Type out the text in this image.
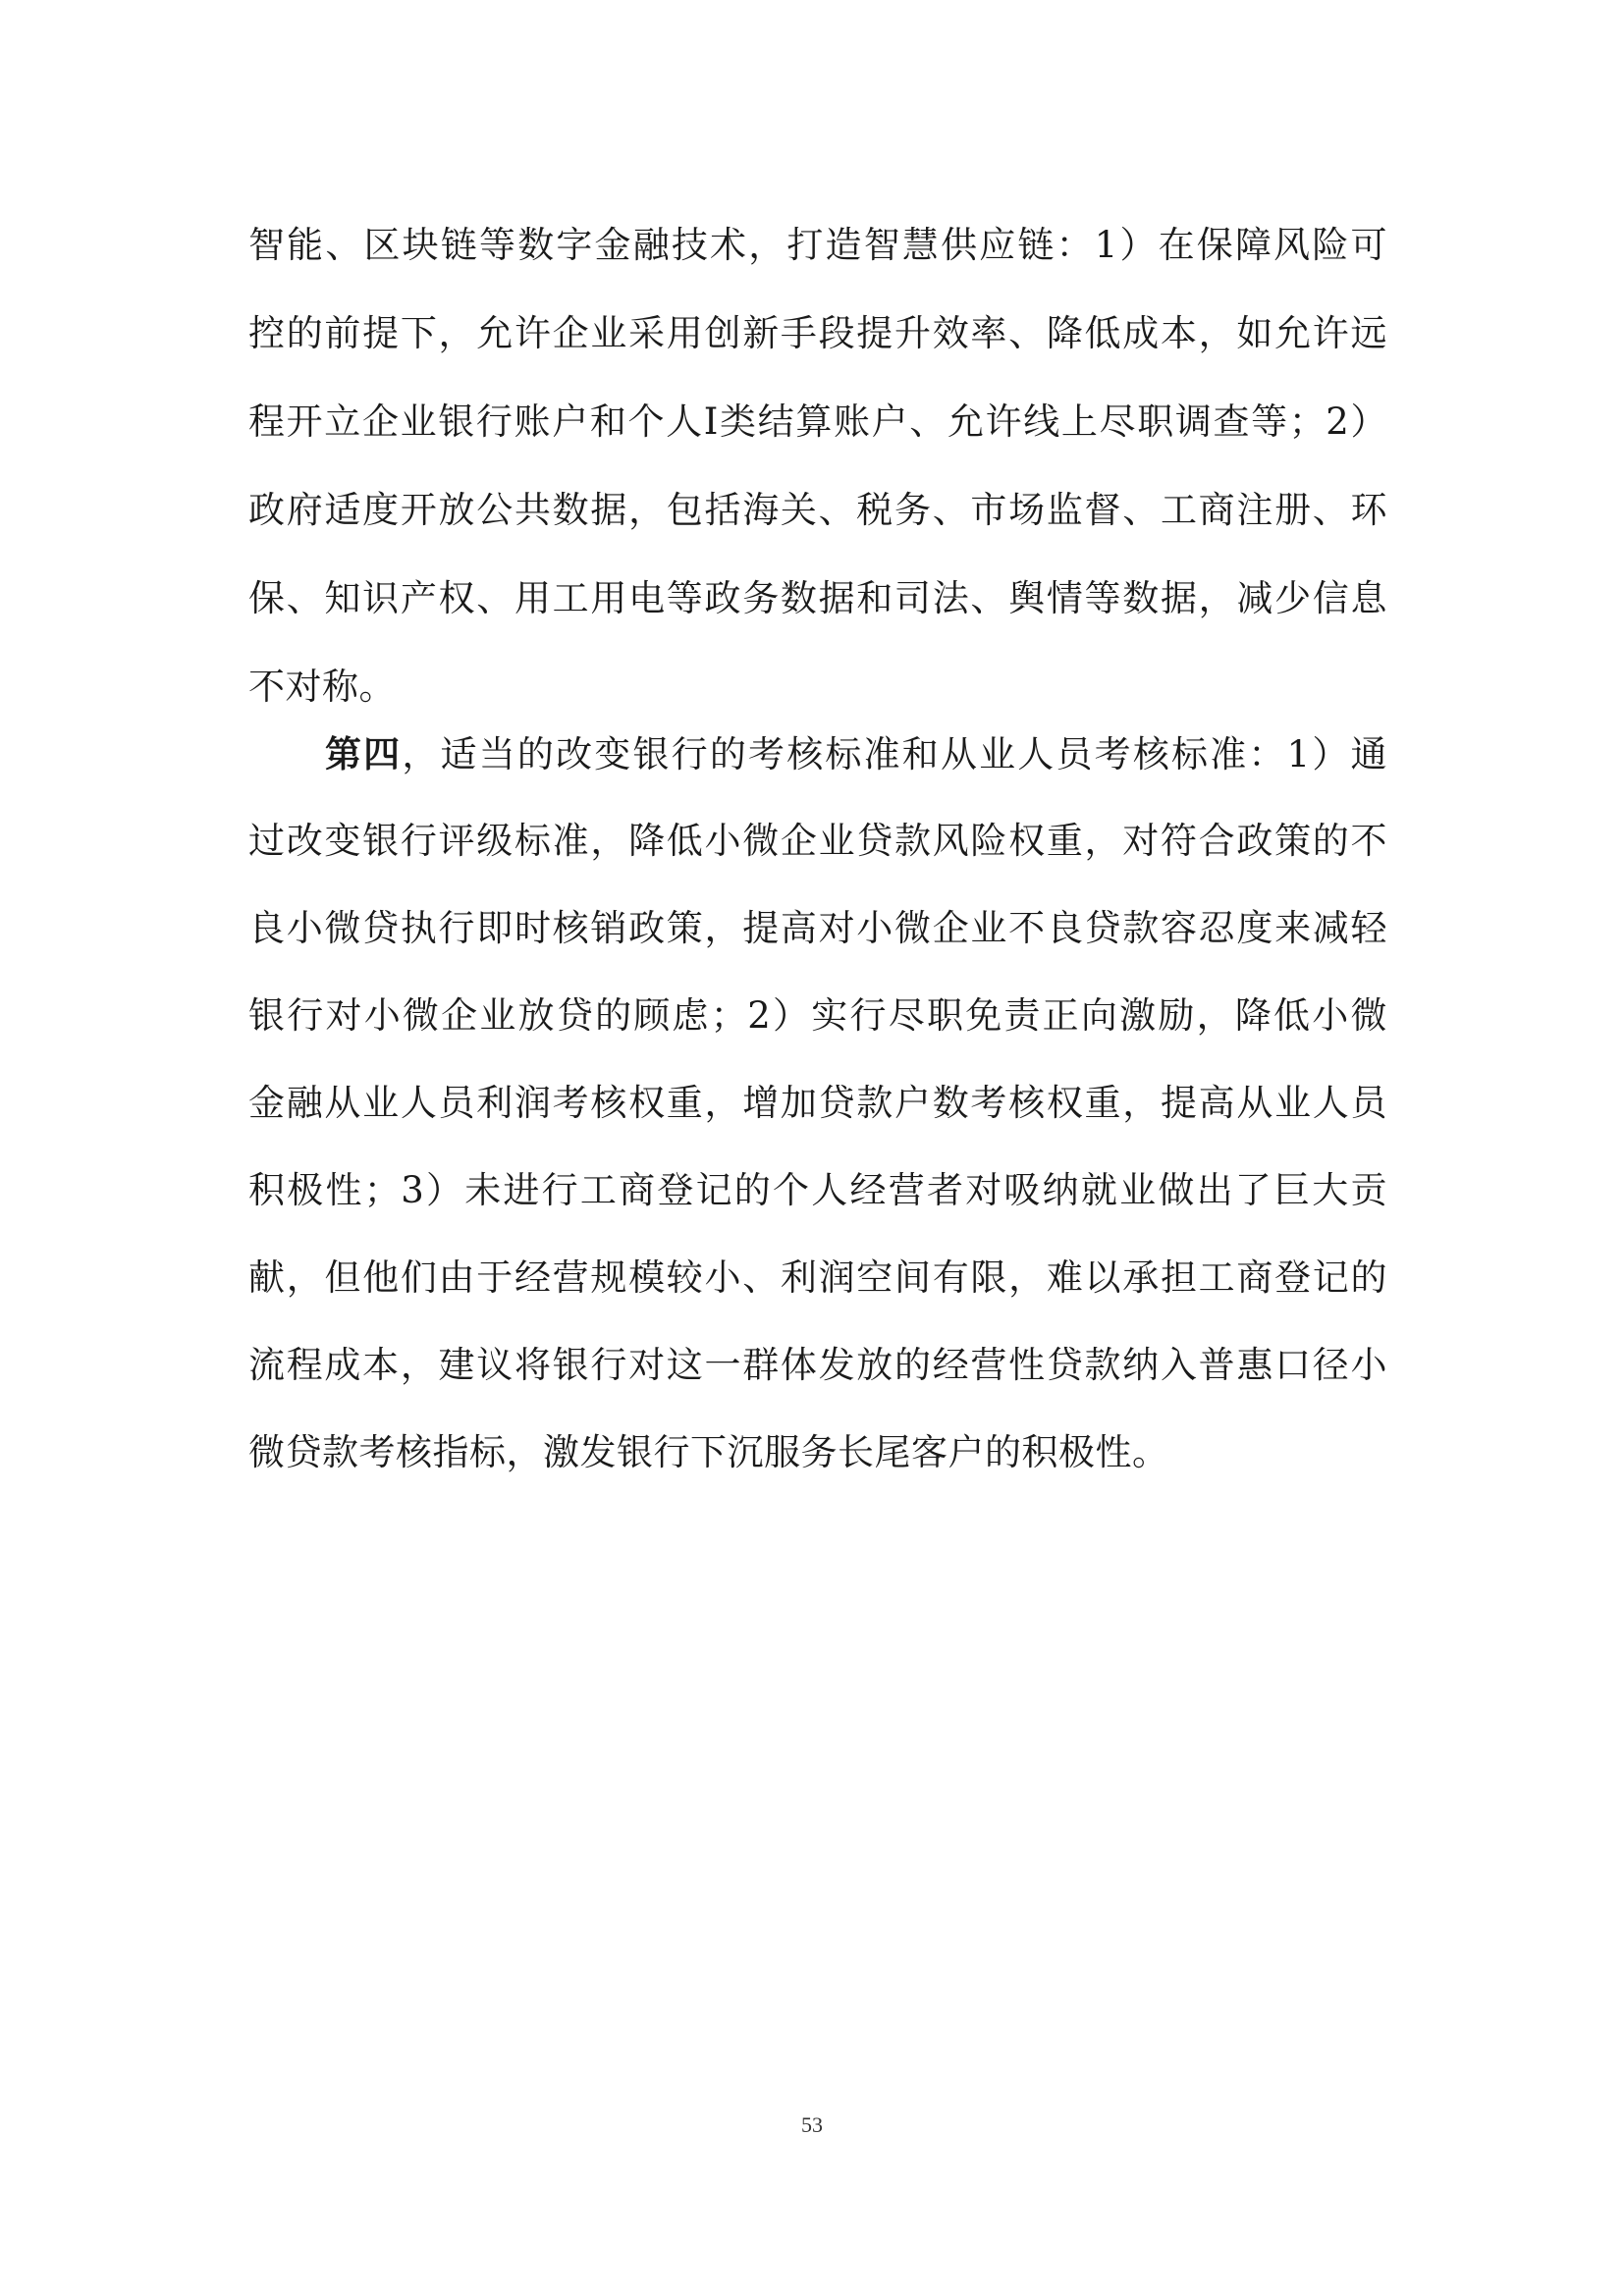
智能、区块链等数字金融技术，打造智慧供应链：1）在保障风险可
控的前提下，允许企业采用创新手段提升效率、降低成本，如允许远
程开立企业银行账户和个人Ⅰ类结算账户、允许线上尽职调查等；2）
政府适度开放公共数据，包括海关、税务、市场监督、工商注册、环
保、知识产权、用工用电等政务数据和司法、舆情等数据，减少信息
不对称。
第四，适当的改变银行的考核标准和从业人员考核标准：1）通
过改变银行评级标准，降低小微企业贷款风险权重，对符合政策的不
良小微贷执行即时核销政策，提高对小微企业不良贷款容忍度来减轻
银行对小微企业放贷的顾虑；2）实行尽职免责正向激励，降低小微
金融从业人员利润考核权重，增加贷款户数考核权重，提高从业人员
积极性；3）未进行工商登记的个人经营者对吸纳就业做出了巨大贡
献，但他们由于经营规模较小、利润空间有限，难以承担工商登记的
流程成本，建议将银行对这一群体发放的经营性贷款纳入普惠口径小
微贷款考核指标，激发银行下沉服务长尾客户的积极性。
53
